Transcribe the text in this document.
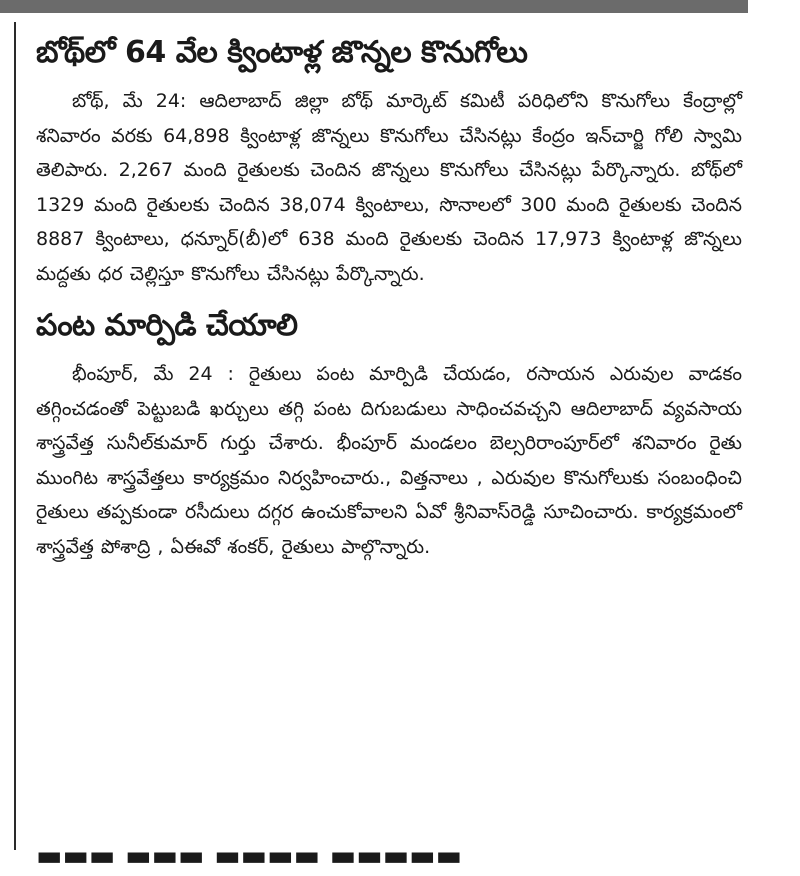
బోథ్‌లో 64 వేల క్వింటాళ్ల జొన్నల కొనుగోలు

బోథ్, మే 24: ఆదిలాబాద్ జిల్లా బోథ్ మార్కెట్ కమిటీ పరిధిలోని కొనుగోలు కేంద్రాల్లో శనివారం వరకు 64,898 క్వింటాళ్ల జొన్నలు కొనుగోలు చేసినట్లు కేంద్రం ఇన్‌చార్జి గోలి స్వామి తెలిపారు. 2,267 మంది రైతులకు చెందిన జొన్నలు కొనుగోలు చేసినట్లు పేర్కొన్నారు. బోథ్‌లో 1329 మంది రైతులకు చెందిన 38,074 క్వింటాలు, సొనాలలో 300 మంది రైతులకు చెందిన 8887 క్వింటాలు, ధన్నూర్(బీ)లో 638 మంది రైతులకు చెందిన 17,973 క్వింటాళ్ల జొన్నలు మద్దతు ధర చెల్లిస్తూ కొనుగోలు చేసినట్లు పేర్కొన్నారు.

పంట మార్పిడి చేయాలి

భీంపూర్, మే 24 : రైతులు పంట మార్పిడి చేయడం, రసాయన ఎరువుల వాడకం తగ్గించడంతో పెట్టుబడి ఖర్చులు తగ్గి పంట దిగుబడులు సాధించవచ్చని ఆదిలాబాద్ వ్యవసాయ శాస్త్రవేత్త సునీల్‌కుమార్ గుర్తు చేశారు. భీంపూర్ మండలం బెల్సరిరాంపూర్‌లో శనివారం రైతు ముంగిట శాస్త్రవేత్తలు కార్యక్రమం నిర్వహించారు., విత్తనాలు , ఎరువుల కొనుగోలుకు సంబంధించి రైతులు తప్పకుండా రసీదులు దగ్గర ఉంచుకోవాలని ఏవో శ్రీనివాస్‌రెడ్డి సూచించారు. కార్యక్రమంలో శాస్త్రవేత్త పోశాద్రి , ఏఈవో శంకర్, రైతులు పాల్గొన్నారు.

▬▬▬ ▬▬▬ ▬▬▬▬ ▬▬▬▬▬
